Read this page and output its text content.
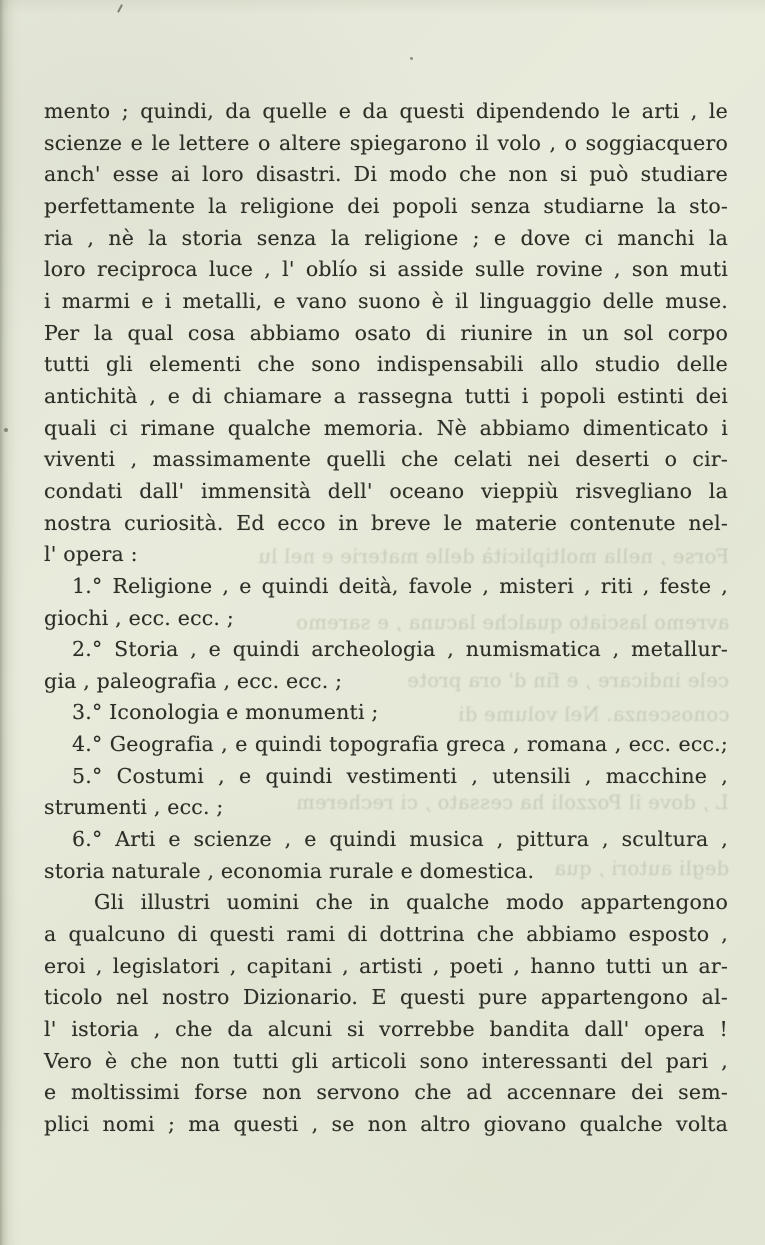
Forse , nella moltiplicità delle materie e nel lu
avremo lasciato qualche lacuna , e saremo
cele indicare , e fin d' ora prote
conoscenza. Nel volume di
L , dove il Pozzoli ha cessato , ci recherem
degli autori , qua
mento ; quindi, da quelle e da questi dipendendo le arti , le
scienze e le lettere o altere spiegarono il volo , o soggiacquero
anch' esse ai loro disastri. Di modo che non si può studiare
perfettamente la religione dei popoli senza studiarne la sto-
ria , nè la storia senza la religione ; e dove ci manchi la
loro reciproca luce , l' oblío si asside sulle rovine , son muti
i marmi e i metalli, e vano suono è il linguaggio delle muse.
Per la qual cosa abbiamo osato di riunire in un sol corpo
tutti gli elementi che sono indispensabili allo studio delle
antichità , e di chiamare a rassegna tutti i popoli estinti dei
quali ci rimane qualche memoria. Nè abbiamo dimenticato i
viventi , massimamente quelli che celati nei deserti o cir-
condati dall' immensità dell' oceano vieppiù risvegliano la
nostra curiosità. Ed ecco in breve le materie contenute nel-
l' opera :
1.° Religione , e quindi deità, favole , misteri , riti , feste ,
giochi , ecc. ecc. ;
2.° Storia , e quindi archeologia , numismatica , metallur-
gia , paleografia , ecc. ecc. ;
3.° Iconologia e monumenti ;
4.° Geografia , e quindi topografia greca , romana , ecc. ecc.;
5.° Costumi , e quindi vestimenti , utensili , macchine ,
strumenti , ecc. ;
6.° Arti e scienze , e quindi musica , pittura , scultura ,
storia naturale , economia rurale e domestica.
Gli illustri uomini che in qualche modo appartengono
a qualcuno di questi rami di dottrina che abbiamo esposto ,
eroi , legislatori , capitani , artisti , poeti , hanno tutti un ar-
ticolo nel nostro Dizionario. E questi pure appartengono al-
l' istoria , che da alcuni si vorrebbe bandita dall' opera !
Vero è che non tutti gli articoli sono interessanti del pari ,
e moltissimi forse non servono che ad accennare dei sem-
plici nomi ; ma questi , se non altro giovano qualche volta
